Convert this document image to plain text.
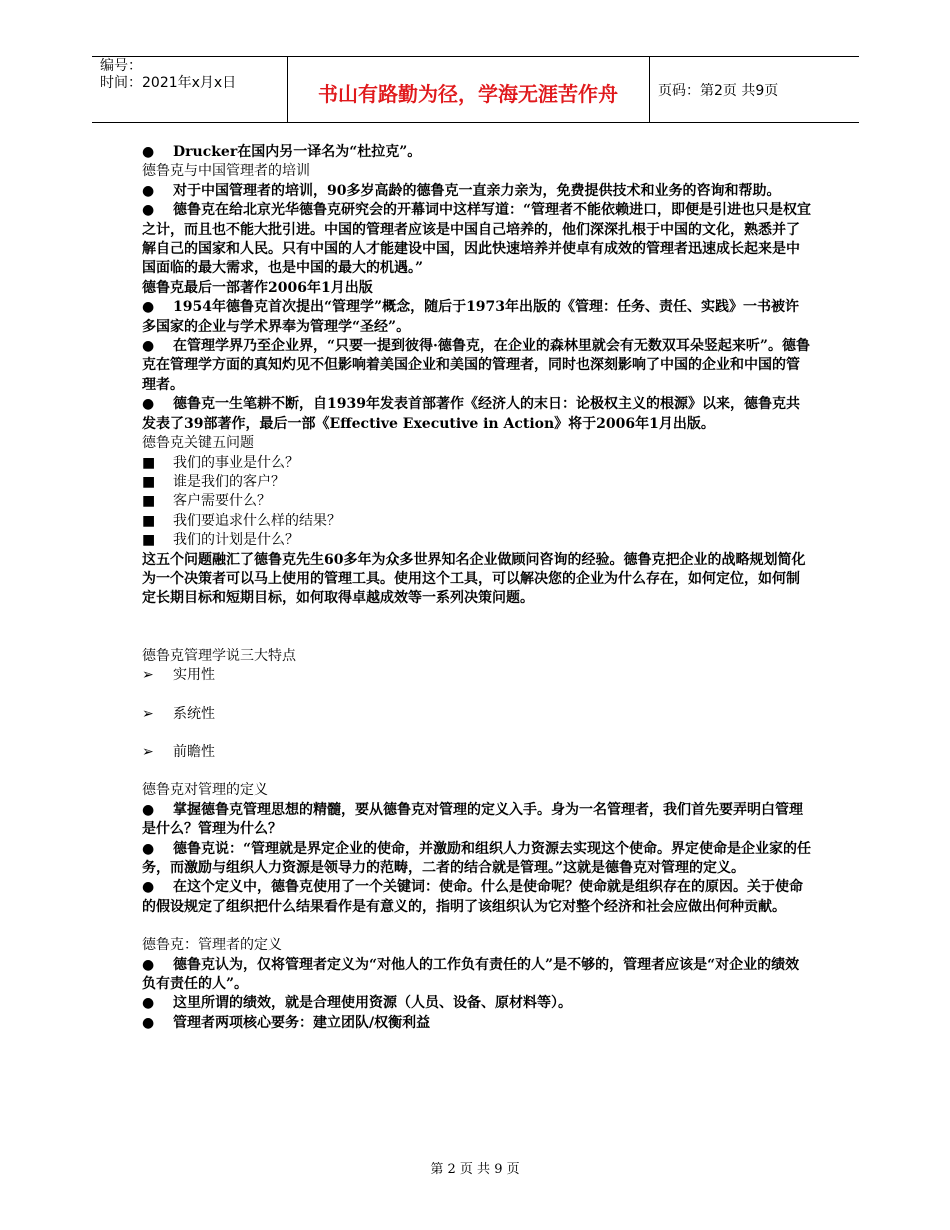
编号：
时间：2021年x月x日	书山有路勤为径，学海无涯苦作舟	页码：第2页 共9页

● Drucker在国内另一译名为“杜拉克”。

德鲁克与中国管理者的培训

● 对于中国管理者的培训，90多岁高龄的德鲁克一直亲力亲为，免费提供技术和业务的咨询和帮助。

● 德鲁克在给北京光华德鲁克研究会的开幕词中这样写道：“管理者不能依赖进口，即便是引进也只是权宜之计，而且也不能大批引进。中国的管理者应该是中国自己培养的，他们深深扎根于中国的文化，熟悉并了解自己的国家和人民。只有中国的人才能建设中国，因此快速培养并使卓有成效的管理者迅速成长起来是中国面临的最大需求，也是中国的最大的机遇。”

德鲁克最后一部著作2006年1月出版

● 1954年德鲁克首次提出“管理学”概念，随后于1973年出版的《管理：任务、责任、实践》一书被许多国家的企业与学术界奉为管理学“圣经”。

● 在管理学界乃至企业界，“只要一提到彼得·德鲁克，在企业的森林里就会有无数双耳朵竖起来听”。德鲁克在管理学方面的真知灼见不但影响着美国企业和美国的管理者，同时也深刻影响了中国的企业和中国的管理者。

● 德鲁克一生笔耕不断，自1939年发表首部著作《经济人的末日：论极权主义的根源》以来，德鲁克共发表了39部著作，最后一部《Effective Executive in Action》将于2006年1月出版。

德鲁克关键五问题

■ 我们的事业是什么？

■ 谁是我们的客户？

■ 客户需要什么？

■ 我们要追求什么样的结果？

■ 我们的计划是什么？

这五个问题融汇了德鲁克先生60多年为众多世界知名企业做顾问咨询的经验。德鲁克把企业的战略规划简化为一个决策者可以马上使用的管理工具。使用这个工具，可以解决您的企业为什么存在，如何定位，如何制定长期目标和短期目标，如何取得卓越成效等一系列决策问题。

德鲁克管理学说三大特点

➢ 实用性

➢ 系统性

➢ 前瞻性

德鲁克对管理的定义

● 掌握德鲁克管理思想的精髓，要从德鲁克对管理的定义入手。身为一名管理者，我们首先要弄明白管理是什么？管理为什么？

● 德鲁克说：“管理就是界定企业的使命，并激励和组织人力资源去实现这个使命。界定使命是企业家的任务，而激励与组织人力资源是领导力的范畴，二者的结合就是管理。”这就是德鲁克对管理的定义。

● 在这个定义中，德鲁克使用了一个关键词：使命。什么是使命呢？使命就是组织存在的原因。关于使命的假设规定了组织把什么结果看作是有意义的，指明了该组织认为它对整个经济和社会应做出何种贡献。

德鲁克：管理者的定义

● 德鲁克认为，仅将管理者定义为“对他人的工作负有责任的人”是不够的，管理者应该是“对企业的绩效负有责任的人”。

● 这里所谓的绩效，就是合理使用资源（人员、设备、原材料等）。

● 管理者两项核心要务：建立团队/权衡利益

第 2 页 共 9 页
